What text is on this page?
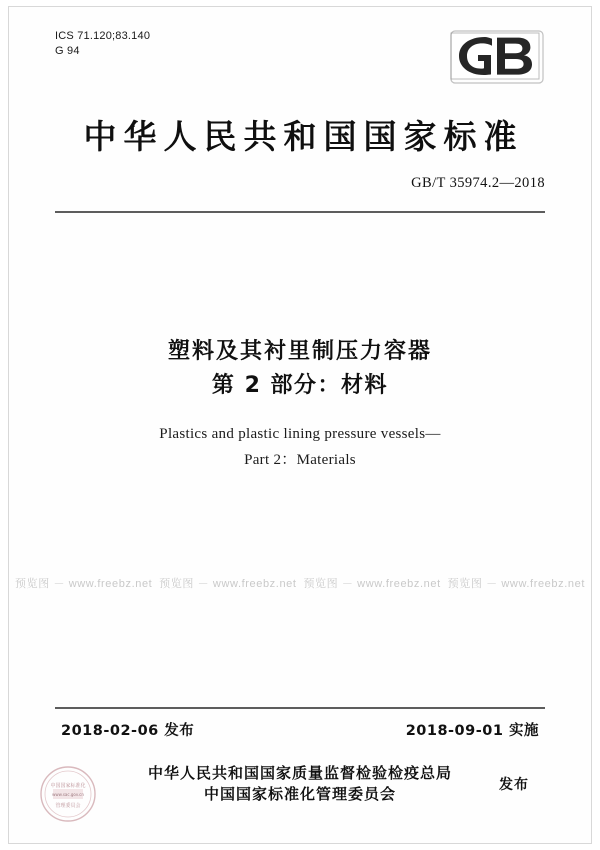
ICS 71.120;83.140
G 94
中华人民共和国国家标准
GB/T 35974.2—2018
塑料及其衬里制压力容器
第 2 部分：材料
Plastics and plastic lining pressure vessels—
Part 2：Materials
预览图 － www.freebz.net 预览图 － www.freebz.net 预览图 － www.freebz.net 预览图 － www.freebz.net
2018-02-06 发布	2018-09-01 实施
中华人民共和国国家质量监督检验检疫总局
中国国家标准化管理委员会	发布
中国国家标准化
www.sac.gov.cn
管理委员会
